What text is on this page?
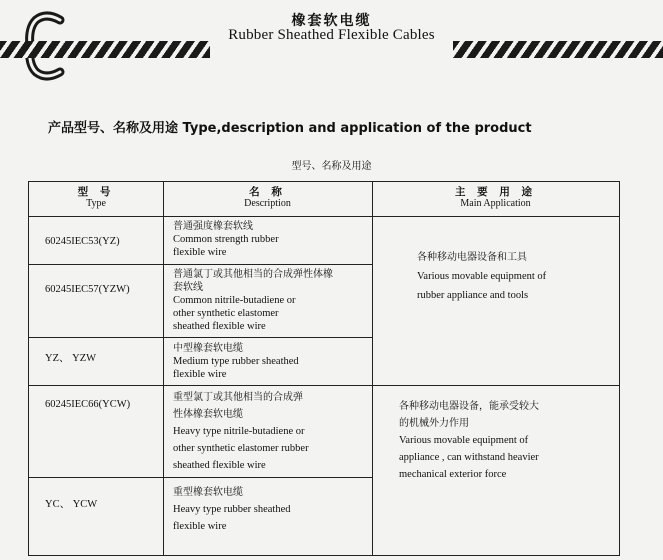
橡套软电缆
Rubber Sheathed Flexible Cables
产品型号、名称及用途 Type,description and application of the product
型号、名称及用途
型 号
Type
名 称
Description
主 要 用 途
Main Application
60245IEC53(YZ)
普通强度橡套软线
Common strength rubber
flexible wire
60245IEC57(YZW)
普通氯丁或其他相当的合成弹性体橡
套软线
Common nitrile-butadiene or
other synthetic elastomer
sheathed flexible wire
YZ、 YZW
中型橡套软电缆
Medium type rubber sheathed
flexible wire
60245IEC66(YCW)
重型氯丁或其他相当的合成弹
性体橡套软电缆
Heavy type nitrile-butadiene or
other synthetic elastomer rubber
sheathed flexible wire
YC、 YCW
重型橡套软电缆
Heavy type rubber sheathed
flexible wire
各种移动电器设备和工具
Various movable equipment of
rubber appliance and tools
各种移动电器设备，能承受较大
的机械外力作用
Various movable equipment of
appliance , can withstand heavier
mechanical exterior force
